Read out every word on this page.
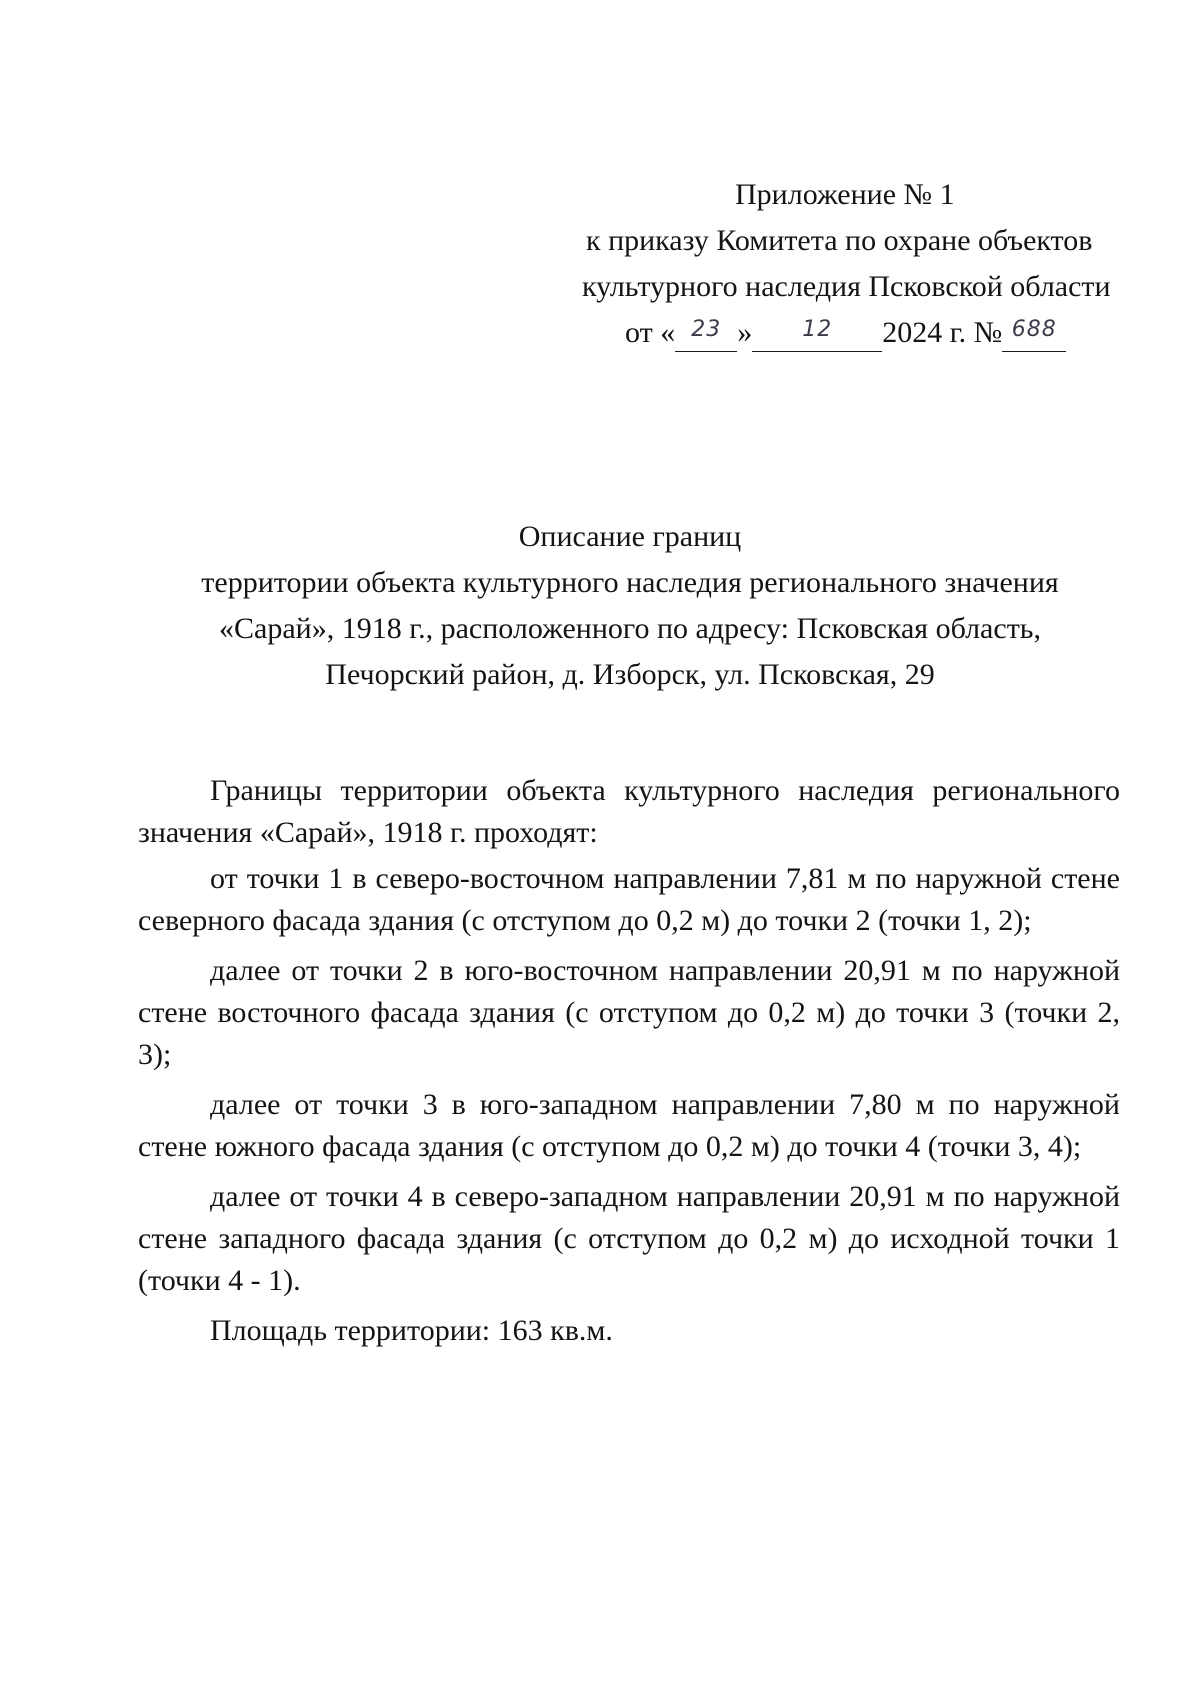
Приложение № 1
к приказу Комитета по охране объектов
культурного наследия Псковской области
от « $^{23}$ » $^{12}$ 2024 г. № $^{688}$
Описание границ
территории объекта культурного наследия регионального значения
«Сарай», 1918 г., расположенного по адресу: Псковская область,
Печорский район, д. Изборск, ул. Псковская, 29

Границы территории объекта культурного наследия регионального значения «Сарай», 1918 г. проходят:

от точки 1 в северо-восточном направлении 7,81 м по наружной стене северного фасада здания (с отступом до 0,2 м) до точки 2 (точки 1, 2);

далее от точки 2 в юго-восточном направлении 20,91 м по наружной стене восточного фасада здания (с отступом до 0,2 м) до точки 3 (точки 2, 3);

далее от точки 3 в юго-западном направлении 7,80 м по наружной стене южного фасада здания (с отступом до 0,2 м) до точки 4 (точки 3, 4);

далее от точки 4 в северо-западном направлении 20,91 м по наружной стене западного фасада здания (с отступом до 0,2 м) до исходной точки 1 (точки 4 - 1).

Площадь территории: 163 кв.м.
